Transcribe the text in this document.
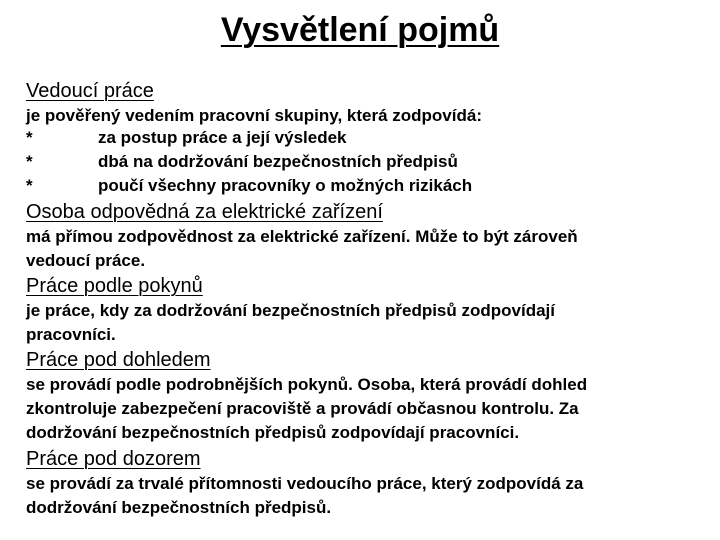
Vysvětlení pojmů
Vedoucí práce
je pověřený vedením pracovní skupiny, která zodpovídá:
*	za postup práce a její výsledek
*	dbá na dodržování bezpečnostních předpisů
*	poučí všechny pracovníky o možných rizikách
Osoba odpovědná za elektrické zařízení
má přímou zodpovědnost za elektrické zařízení. Může to být zároveň
vedoucí práce.
Práce podle pokynů
je práce, kdy za dodržování bezpečnostních předpisů zodpovídají
pracovníci.
Práce pod dohledem
se provádí podle podrobnějších pokynů. Osoba, která provádí dohled
zkontroluje zabezpečení pracoviště a provádí občasnou kontrolu. Za
dodržování bezpečnostních předpisů zodpovídají pracovníci.
Práce pod dozorem
se provádí za trvalé přítomnosti vedoucího práce, který zodpovídá za
dodržování bezpečnostních předpisů.
